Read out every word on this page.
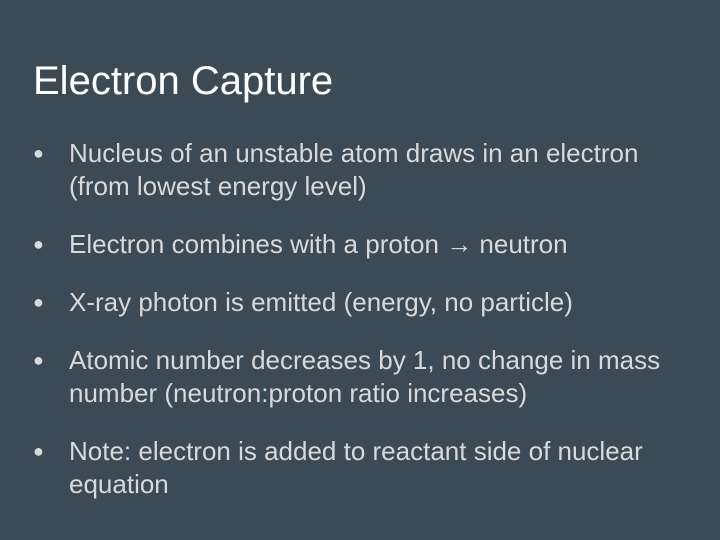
Electron Capture
● Nucleus of an unstable atom draws in an electron (from lowest energy level)
● Electron combines with a proton → neutron
● X-ray photon is emitted (energy, no particle)
● Atomic number decreases by 1, no change in mass number (neutron:proton ratio increases)
● Note: electron is added to reactant side of nuclear equation
